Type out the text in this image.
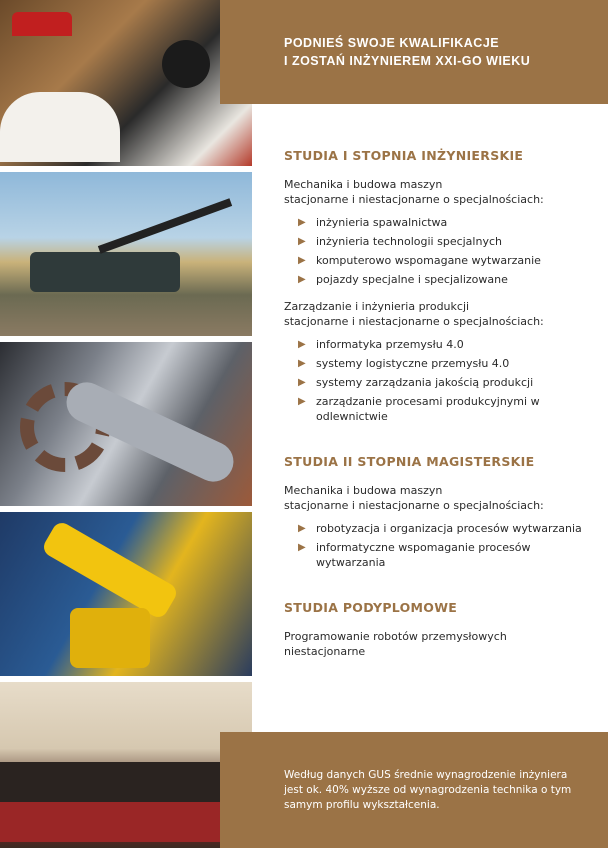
PODNIEŚ SWOJE KWALIFIKACJE
I ZOSTAŃ INŻYNIEREM XXI-GO WIEKU
STUDIA I STOPNIA INŻYNIERSKIE
Mechanika i budowa maszyn
stacjonarne i niestacjonarne o specjalnościach:
▶ inżynieria spawalnictwa
▶ inżynieria technologii specjalnych
▶ komputerowo wspomagane wytwarzanie
▶ pojazdy specjalne i specjalizowane
Zarządzanie i inżynieria produkcji
stacjonarne i niestacjonarne o specjalnościach:
▶ informatyka przemysłu 4.0
▶ systemy logistyczne przemysłu 4.0
▶ systemy zarządzania jakością produkcji
▶ zarządzanie procesami produkcyjnymi w odlewnictwie
STUDIA II STOPNIA MAGISTERSKIE
Mechanika i budowa maszyn
stacjonarne i niestacjonarne o specjalnościach:
▶ robotyzacja i organizacja procesów wytwarzania
▶ informatyczne wspomaganie procesów wytwarzania
STUDIA PODYPLOMOWE
Programowanie robotów przemysłowych
niestacjonarne
Według danych GUS średnie wynagrodzenie inżyniera jest ok. 40% wyższe od wynagrodzenia technika o tym samym profilu wykształcenia.
